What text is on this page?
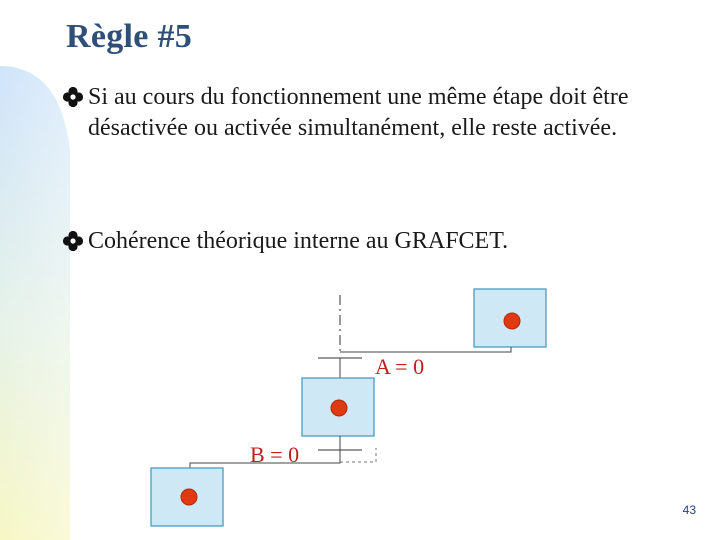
Règle #5
Si au cours du fonctionnement une même étape doit être désactivée ou activée simultanément, elle reste activée.
Cohérence théorique interne au GRAFCET.
A = 0
B = 0
43
